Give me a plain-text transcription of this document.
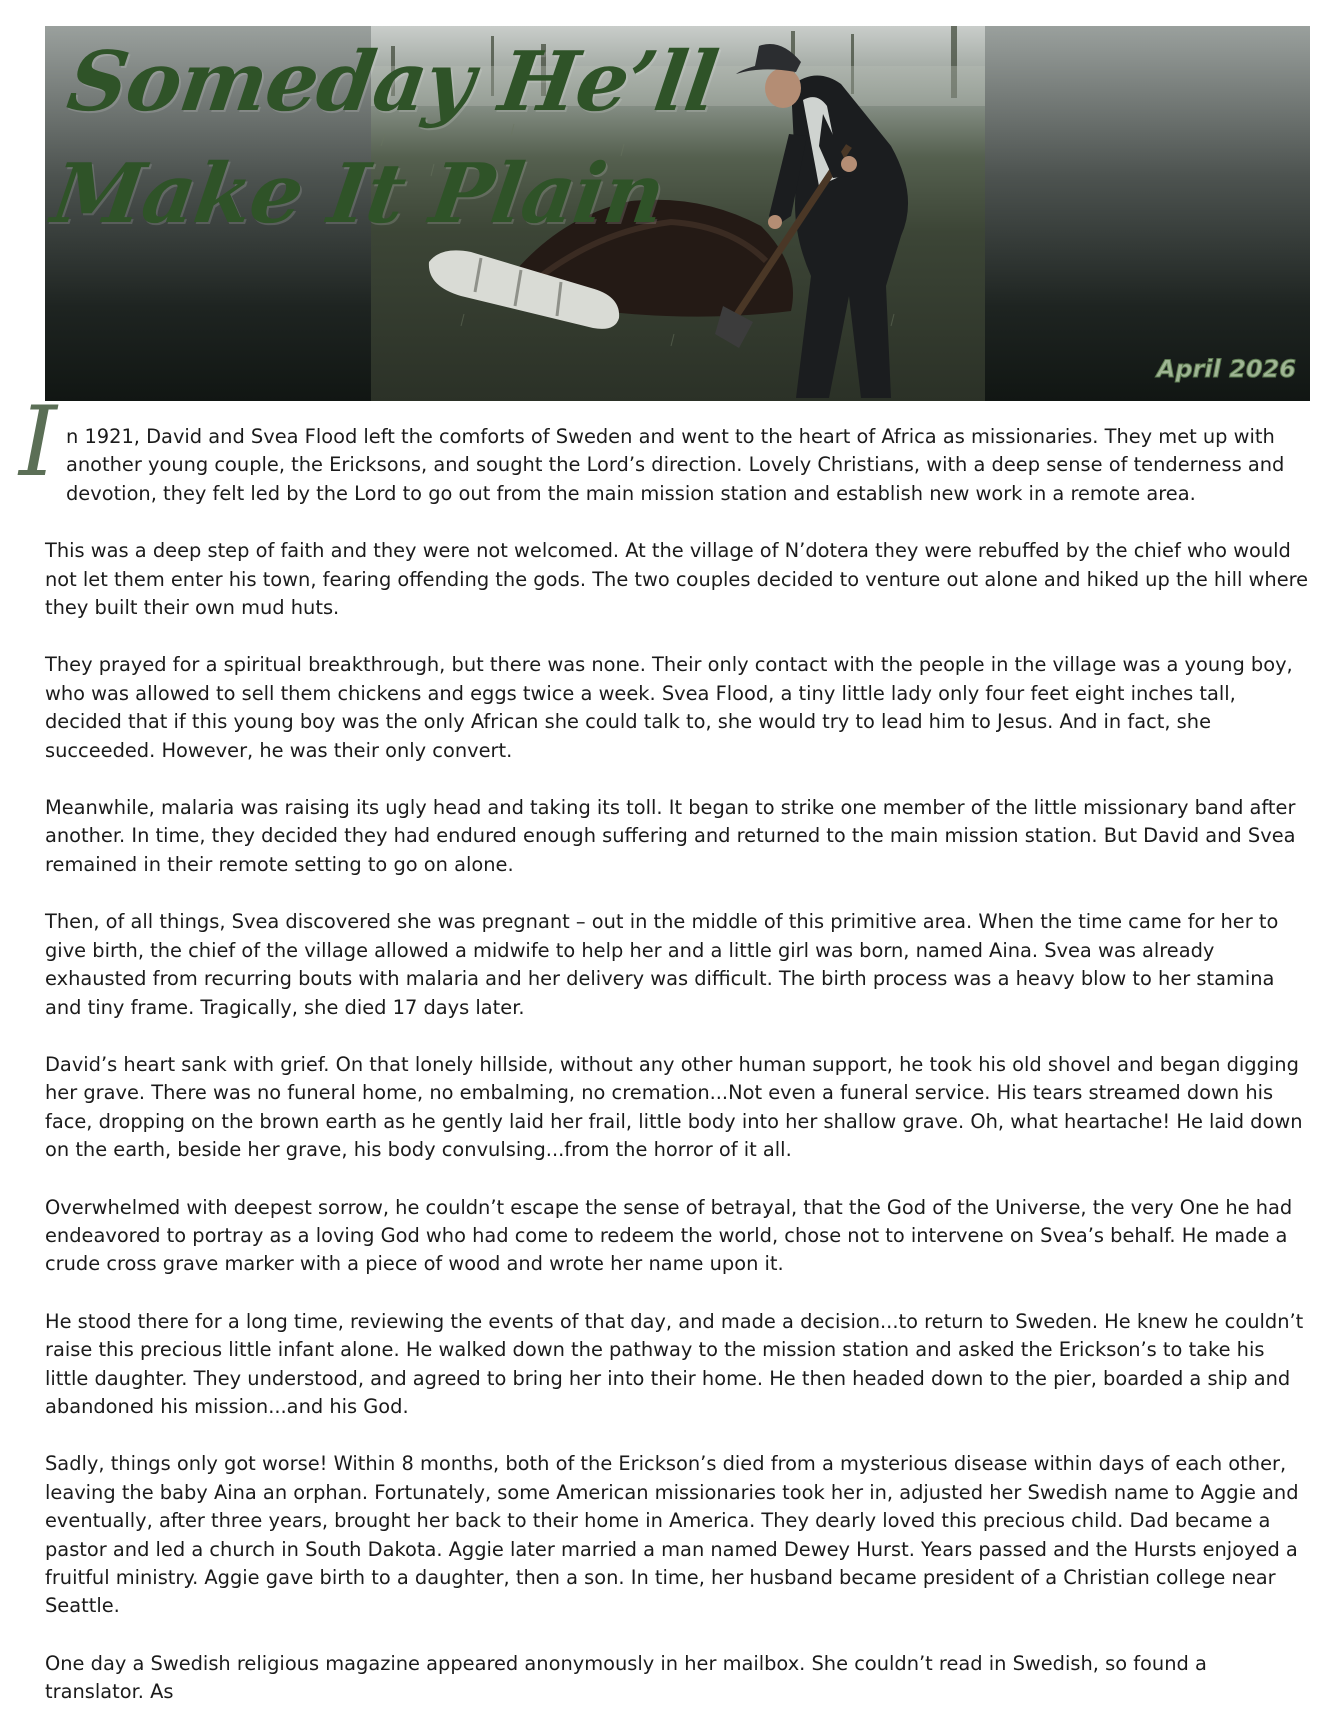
Someday He’ll
Make It Plain
April 2026

I n 1921, David and Svea Flood left the comforts of Sweden and went to the heart of Africa as missionaries. They met up with another young couple, the Ericksons, and sought the Lord’s direction. Lovely Christians, with a deep sense of tenderness and devotion, they felt led by the Lord to go out from the main mission station and establish new work in a remote area.

This was a deep step of faith and they were not welcomed. At the village of N’dotera they were rebuffed by the chief who would not let them enter his town, fearing offending the gods. The two couples decided to venture out alone and hiked up the hill where they built their own mud huts.

They prayed for a spiritual breakthrough, but there was none. Their only contact with the people in the village was a young boy, who was allowed to sell them chickens and eggs twice a week. Svea Flood, a tiny little lady only four feet eight inches tall, decided that if this young boy was the only African she could talk to, she would try to lead him to Jesus. And in fact, she succeeded. However, he was their only convert.

Meanwhile, malaria was raising its ugly head and taking its toll. It began to strike one member of the little missionary band after another. In time, they decided they had endured enough suffering and returned to the main mission station. But David and Svea remained in their remote setting to go on alone.

Then, of all things, Svea discovered she was pregnant – out in the middle of this primitive area. When the time came for her to give birth, the chief of the village allowed a midwife to help her and a little girl was born, named Aina. Svea was already exhausted from recurring bouts with malaria and her delivery was difficult. The birth process was a heavy blow to her stamina and tiny frame. Tragically, she died 17 days later.

David’s heart sank with grief. On that lonely hillside, without any other human support, he took his old shovel and began digging her grave. There was no funeral home, no embalming, no cremation...Not even a funeral service. His tears streamed down his face, dropping on the brown earth as he gently laid her frail, little body into her shallow grave. Oh, what heartache! He laid down on the earth, beside her grave, his body convulsing...from the horror of it all.

Overwhelmed with deepest sorrow, he couldn’t escape the sense of betrayal, that the God of the Universe, the very One he had endeavored to portray as a loving God who had come to redeem the world, chose not to intervene on Svea’s behalf. He made a crude cross grave marker with a piece of wood and wrote her name upon it.

He stood there for a long time, reviewing the events of that day, and made a decision...to return to Sweden. He knew he couldn’t raise this precious little infant alone. He walked down the pathway to the mission station and asked the Erickson’s to take his little daughter. They understood, and agreed to bring her into their home. He then headed down to the pier, boarded a ship and abandoned his mission...and his God.

Sadly, things only got worse! Within 8 months, both of the Erickson’s died from a mysterious disease within days of each other, leaving the baby Aina an orphan. Fortunately, some American missionaries took her in, adjusted her Swedish name to Aggie and eventually, after three years, brought her back to their home in America. They dearly loved this precious child. Dad became a pastor and led a church in South Dakota. Aggie later married a man named Dewey Hurst. Years passed and the Hursts enjoyed a fruitful ministry. Aggie gave birth to a daughter, then a son. In time, her husband became president of a Christian college near Seattle.

One day a Swedish religious magazine appeared anonymously in her mailbox. She couldn’t read in Swedish, so found a translator. As
